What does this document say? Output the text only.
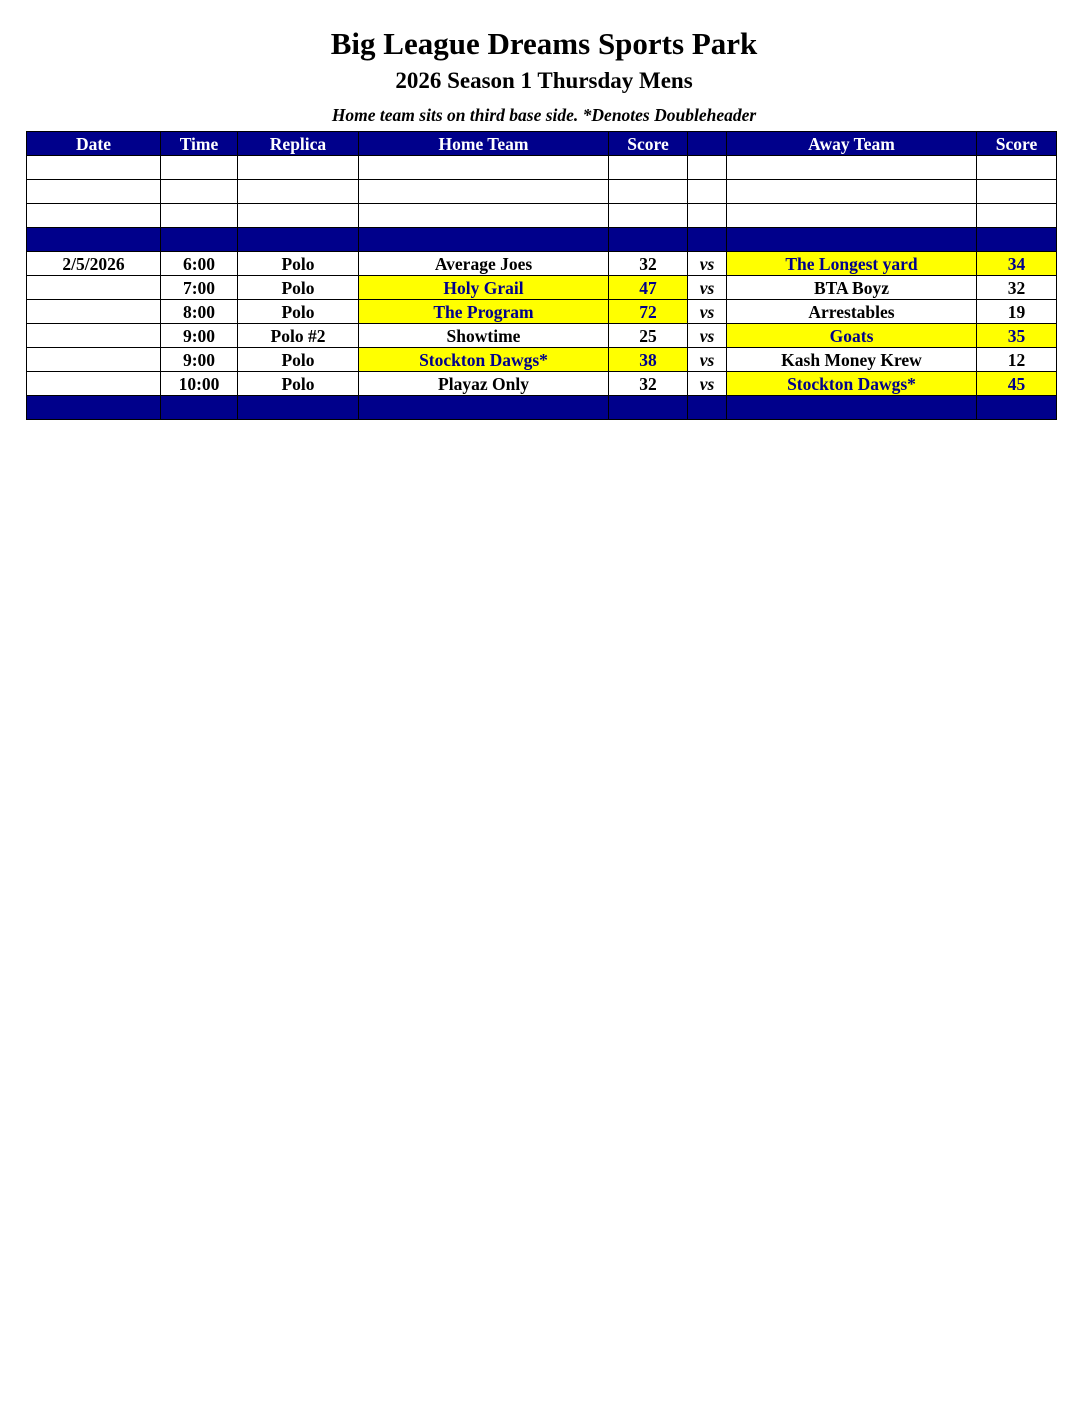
Big League Dreams Sports Park
2026 Season 1 Thursday Mens
Home team sits on third base side. *Denotes Doubleheader
Date	Time	Replica	Home Team	Score		Away Team	Score

2/5/2026	6:00	Polo	Average Joes	32	vs	The Longest yard	34
	7:00	Polo	Holy Grail	47	vs	BTA Boyz	32
	8:00	Polo	The Program	72	vs	Arrestables	19
	9:00	Polo #2	Showtime	25	vs	Goats	35
	9:00	Polo	Stockton Dawgs*	38	vs	Kash Money Krew	12
	10:00	Polo	Playaz Only	32	vs	Stockton Dawgs*	45
